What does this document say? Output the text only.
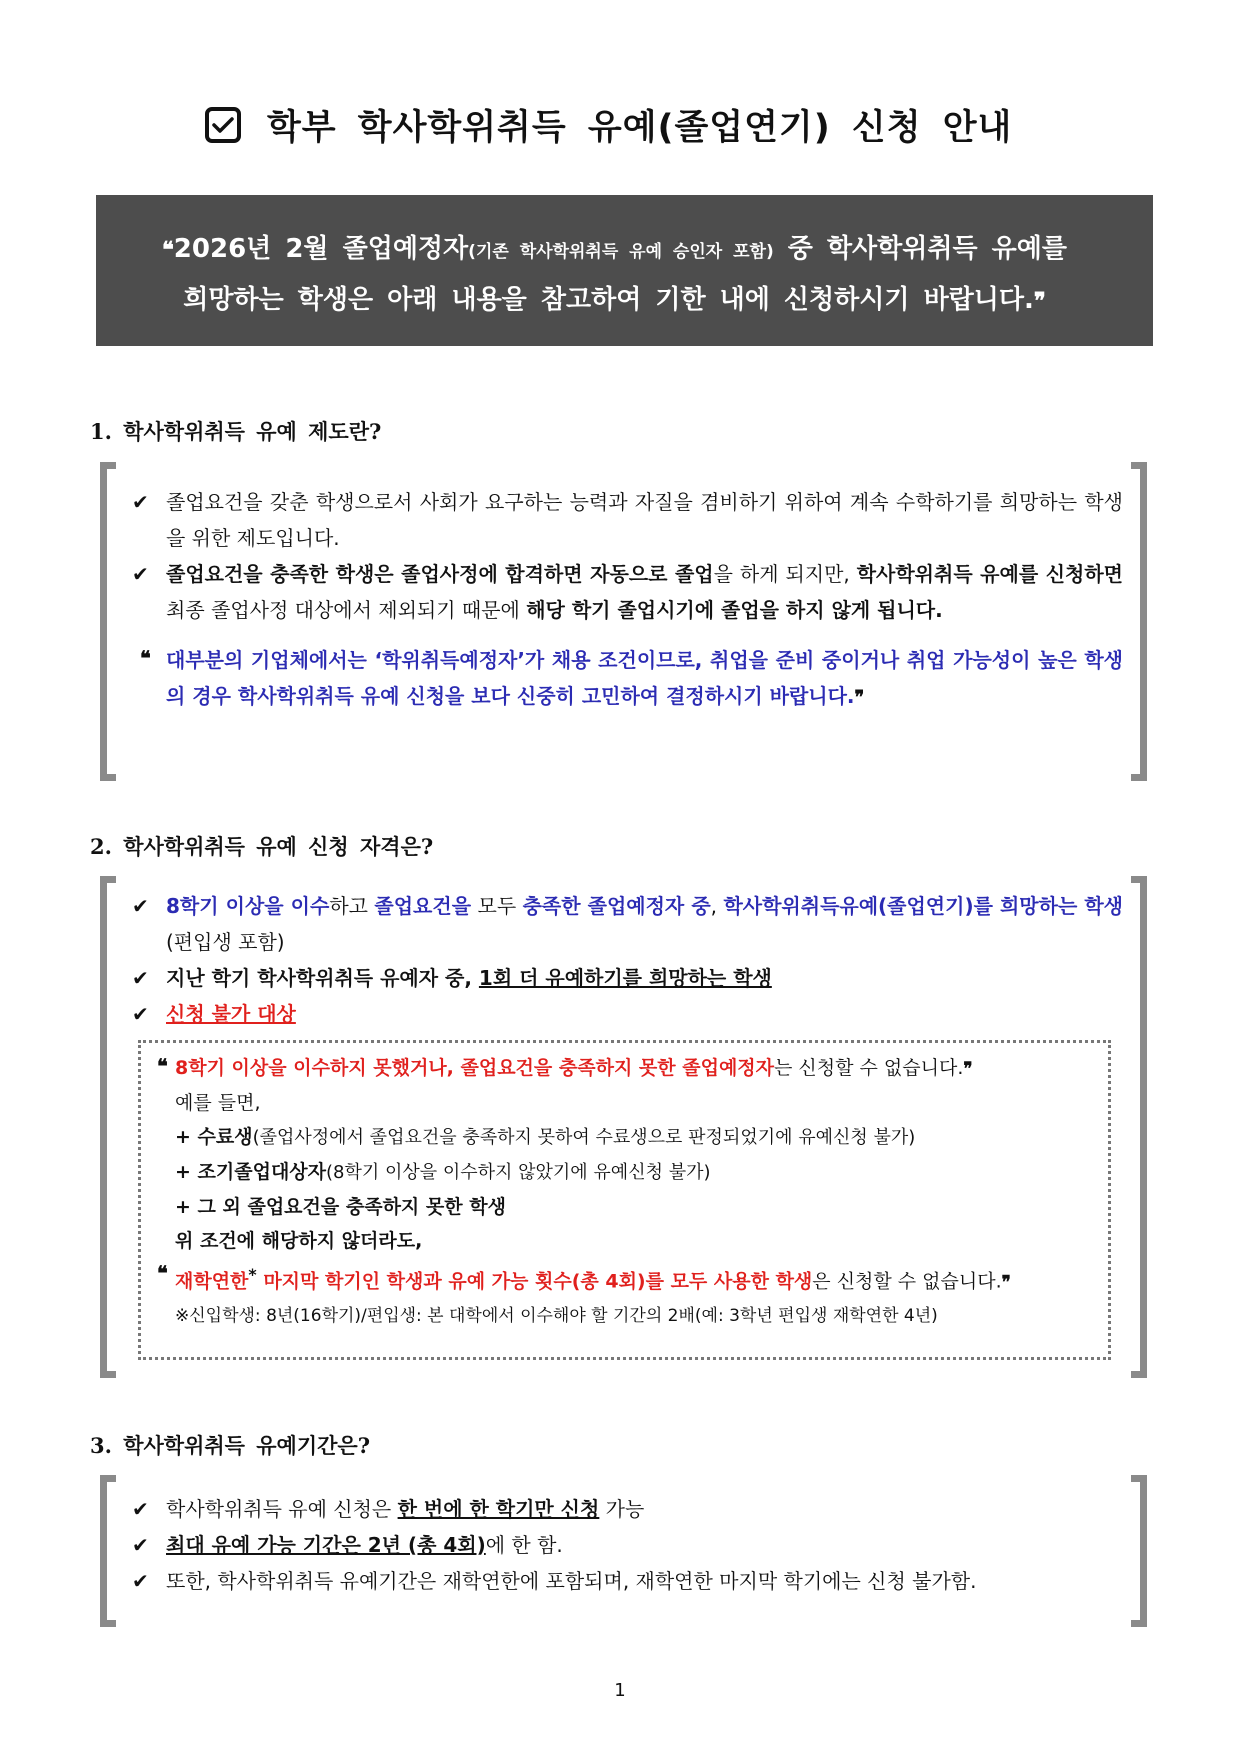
학부 학사학위취득 유예(졸업연기) 신청 안내
❝2026년 2월 졸업예정자(기존 학사학위취득 유예 승인자 포함) 중 학사학위취득 유예를
희망하는 학생은 아래 내용을 참고하여 기한 내에 신청하시기 바랍니다.❞
1. 학사학위취득 유예 제도란?
✔ 졸업요건을 갖춘 학생으로서 사회가 요구하는 능력과 자질을 겸비하기 위하여 계속 수학하기를 희망하는 학생을 위한 제도입니다.
✔ 졸업요건을 충족한 학생은 졸업사정에 합격하면 자동으로 졸업을 하게 되지만, 학사학위취득 유예를 신청하면 최종 졸업사정 대상에서 제외되기 때문에 해당 학기 졸업시기에 졸업을 하지 않게 됩니다.
❝ 대부분의 기업체에서는 ‘학위취득예정자’가 채용 조건이므로, 취업을 준비 중이거나 취업 가능성이 높은 학생의 경우 학사학위취득 유예 신청을 보다 신중히 고민하여 결정하시기 바랍니다.❞
2. 학사학위취득 유예 신청 자격은?
✔ 8학기 이상을 이수하고 졸업요건을 모두 충족한 졸업예정자 중, 학사학위취득유예(졸업연기)를 희망하는 학생 (편입생 포함)
✔ 지난 학기 학사학위취득 유예자 중, 1회 더 유예하기를 희망하는 학생
✔ 신청 불가 대상
❝ 8학기 이상을 이수하지 못했거나, 졸업요건을 충족하지 못한 졸업예정자는 신청할 수 없습니다.❞
예를 들면,
+ 수료생(졸업사정에서 졸업요건을 충족하지 못하여 수료생으로 판정되었기에 유예신청 불가)
+ 조기졸업대상자(8학기 이상을 이수하지 않았기에 유예신청 불가)
+ 그 외 졸업요건을 충족하지 못한 학생
위 조건에 해당하지 않더라도,
❝ 재학연한* 마지막 학기인 학생과 유예 가능 횟수(총 4회)를 모두 사용한 학생은 신청할 수 없습니다.❞
※신입학생: 8년(16학기)/편입생: 본 대학에서 이수해야 할 기간의 2배(예: 3학년 편입생 재학연한 4년)
3. 학사학위취득 유예기간은?
✔ 학사학위취득 유예 신청은 한 번에 한 학기만 신청 가능
✔ 최대 유예 가능 기간은 2년 (총 4회)에 한 함.
✔ 또한, 학사학위취득 유예기간은 재학연한에 포함되며, 재학연한 마지막 학기에는 신청 불가함.
1
